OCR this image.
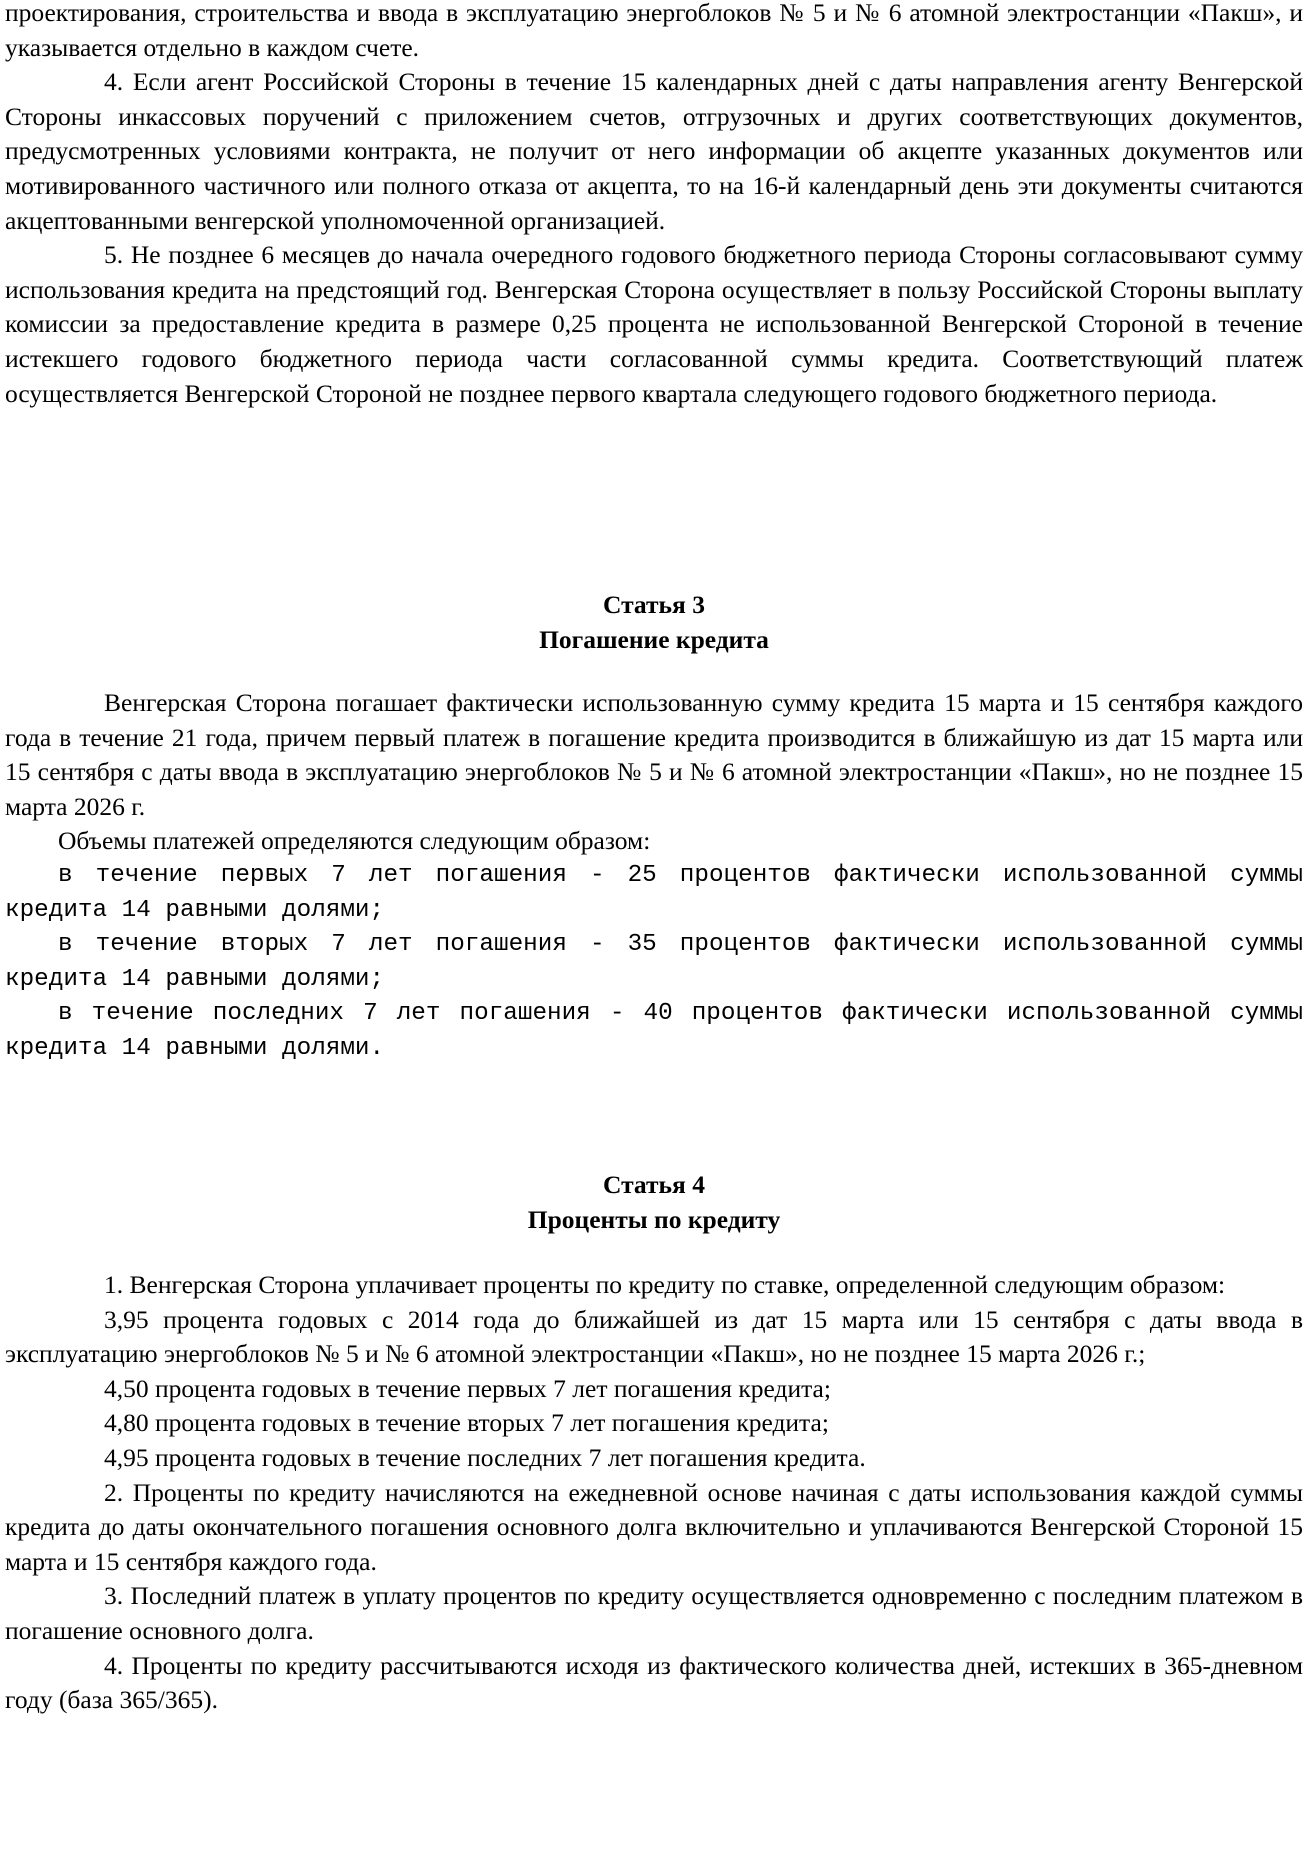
проектирования, строительства и ввода в эксплуатацию энергоблоков № 5 и № 6 атомной электростанции «Пакш», и указывается отдельно в каждом счете.

4. Если агент Российской Стороны в течение 15 календарных дней с даты направления агенту Венгерской Стороны инкассовых поручений с приложением счетов, отгрузочных и других соответствующих документов, предусмотренных условиями контракта, не получит от него информации об акцепте указанных документов или мотивированного частичного или полного отказа от акцепта, то на 16-й календарный день эти документы считаются акцептованными венгерской уполномоченной организацией.

5. Не позднее 6 месяцев до начала очередного годового бюджетного периода Стороны согласовывают сумму использования кредита на предстоящий год. Венгерская Сторона осуществляет в пользу Российской Стороны выплату комиссии за предоставление кредита в размере 0,25 процента не использованной Венгерской Стороной в течение истекшего годового бюджетного периода части согласованной суммы кредита. Соответствующий платеж осуществляется Венгерской Стороной не позднее первого квартала следующего годового бюджетного периода.

Статья 3
Погашение кредита

Венгерская Сторона погашает фактически использованную сумму кредита 15 марта и 15 сентября каждого года в течение 21 года, причем первый платеж в погашение кредита производится в ближайшую из дат 15 марта или 15 сентября с даты ввода в эксплуатацию энергоблоков № 5 и № 6 атомной электростанции «Пакш», но не позднее 15 марта 2026 г.

Объемы платежей определяются следующим образом:

в течение первых 7 лет погашения - 25 процентов фактически использованной суммы кредита 14 равными долями;

в течение вторых 7 лет погашения - 35 процентов фактически использованной суммы кредита 14 равными долями;

в течение последних 7 лет погашения - 40 процентов фактически использованной суммы кредита 14 равными долями.

Статья 4
Проценты по кредиту

1. Венгерская Сторона уплачивает проценты по кредиту по ставке, определенной следующим образом:

3,95 процента годовых с 2014 года до ближайшей из дат 15 марта или 15 сентября с даты ввода в эксплуатацию энергоблоков № 5 и № 6 атомной электростанции «Пакш», но не позднее 15 марта 2026 г.;

4,50 процента годовых в течение первых 7 лет погашения кредита;

4,80 процента годовых в течение вторых 7 лет погашения кредита;

4,95 процента годовых в течение последних 7 лет погашения кредита.

2. Проценты по кредиту начисляются на ежедневной основе начиная с даты использования каждой суммы кредита до даты окончательного погашения основного долга включительно и уплачиваются Венгерской Стороной 15 марта и 15 сентября каждого года.

3. Последний платеж в уплату процентов по кредиту осуществляется одновременно с последним платежом в погашение основного долга.

4. Проценты по кредиту рассчитываются исходя из фактического количества дней, истекших в 365-дневном году (база 365/365).
